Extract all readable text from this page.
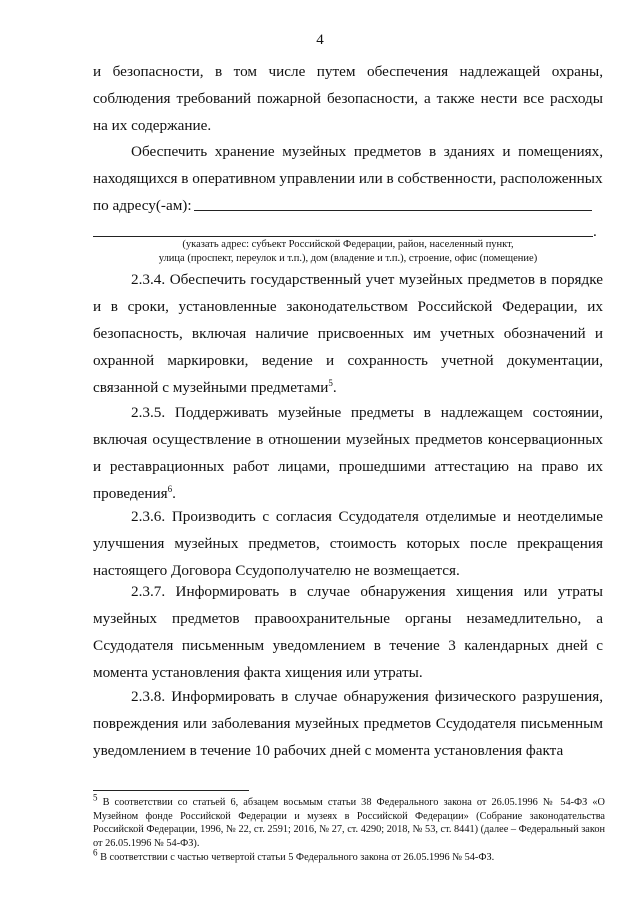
4
и безопасности, в том числе путем обеспечения надлежащей охраны, соблюдения требований пожарной безопасности, а также нести все расходы на их содержание.
Обеспечить хранение музейных предметов в зданиях и помещениях, находящихся в оперативном управлении или в собственности, расположенных
по адресу(-ам):
.
(указать адрес: субъект Российской Федерации, район, населенный пункт,
улица (проспект, переулок и т.п.), дом (владение и т.п.), строение, офис (помещение)
2.3.4. Обеспечить государственный учет музейных предметов в порядке и в сроки, установленные законодательством Российской Федерации, их безопасность, включая наличие присвоенных им учетных обозначений и охранной маркировки, ведение и сохранность учетной документации, связанной с музейными предметами$^5$.
2.3.5. Поддерживать музейные предметы в надлежащем состоянии, включая осуществление в отношении музейных предметов консервационных и реставрационных работ лицами, прошедшими аттестацию на право их проведения$^6$.
2.3.6. Производить с согласия Ссудодателя отделимые и неотделимые улучшения музейных предметов, стоимость которых после прекращения настоящего Договора Ссудополучателю не возмещается.
2.3.7. Информировать в случае обнаружения хищения или утраты музейных предметов правоохранительные органы незамедлительно, а Ссудодателя письменным уведомлением в течение 3 календарных дней с момента установления факта хищения или утраты.
2.3.8. Информировать в случае обнаружения физического разрушения, повреждения или заболевания музейных предметов Ссудодателя письменным уведомлением в течение 10 рабочих дней с момента установления факта
$^5$ В соответствии со статьей 6, абзацем восьмым статьи 38 Федерального закона от 26.05.1996 № 54-ФЗ «О Музейном фонде Российской Федерации и музеях в Российской Федерации» (Собрание законодательства Российской Федерации, 1996, № 22, ст. 2591; 2016, № 27, ст. 4290; 2018, № 53, ст. 8441) (далее – Федеральный закон от 26.05.1996 № 54-ФЗ).
$^6$ В соответствии с частью четвертой статьи 5 Федерального закона от 26.05.1996 № 54-ФЗ.
